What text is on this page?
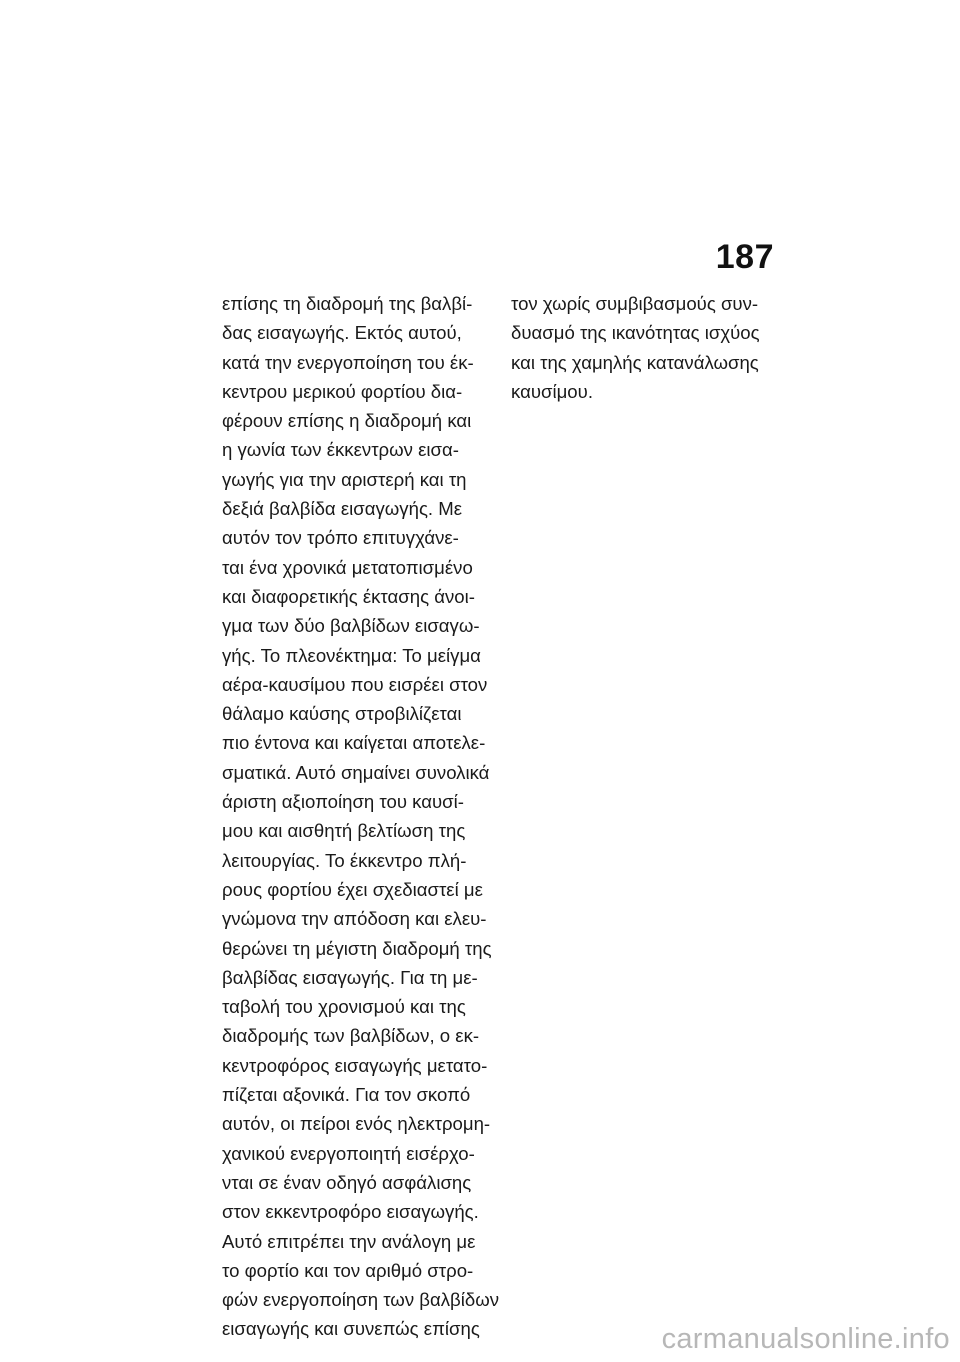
187
επίσης τη διαδρομή της βαλβί-
δας εισαγωγής. Εκτός αυτού,
κατά την ενεργοποίηση του έκ-
κεντρου μερικού φορτίου δια-
φέρουν επίσης η διαδρομή και
η γωνία των έκκεντρων εισα-
γωγής για την αριστερή και τη
δεξιά βαλβίδα εισαγωγής. Με
αυτόν τον τρόπο επιτυγχάνε-
ται ένα χρονικά μετατοπισμένο
και διαφορετικής έκτασης άνοι-
γμα των δύο βαλβίδων εισαγω-
γής. Το πλεονέκτημα: Το μείγμα
αέρα-καυσίμου που εισρέει στον
θάλαμο καύσης στροβιλίζεται
πιο έντονα και καίγεται αποτελε-
σματικά. Αυτό σημαίνει συνολικά
άριστη αξιοποίηση του καυσί-
μου και αισθητή βελτίωση της
λειτουργίας. Το έκκεντρο πλή-
ρους φορτίου έχει σχεδιαστεί με
γνώμονα την απόδοση και ελευ-
θερώνει τη μέγιστη διαδρομή της
βαλβίδας εισαγωγής. Για τη με-
ταβολή του χρονισμού και της
διαδρομής των βαλβίδων, ο εκ-
κεντροφόρος εισαγωγής μετατο-
πίζεται αξονικά. Για τον σκοπό
αυτόν, οι πείροι ενός ηλεκτρομη-
χανικού ενεργοποιητή εισέρχο-
νται σε έναν οδηγό ασφάλισης
στον εκκεντροφόρο εισαγωγής.
Αυτό επιτρέπει την ανάλογη με
το φορτίο και τον αριθμό στρο-
φών ενεργοποίηση των βαλβίδων
εισαγωγής και συνεπώς επίσης
τον χωρίς συμβιβασμούς συν-
δυασμό της ικανότητας ισχύος
και της χαμηλής κατανάλωσης
καυσίμου.
carmanualsonline.info
